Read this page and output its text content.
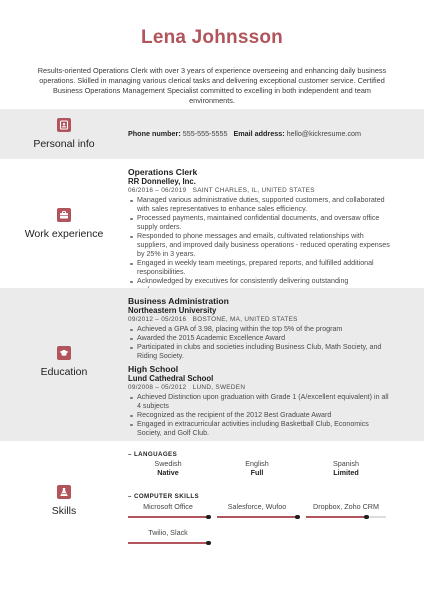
Lena Johnsson
Results-oriented Operations Clerk with over 3 years of experience overseeing and enhancing daily business operations. Skilled in managing various clerical tasks and delivering exceptional customer service. Certified Business Operations Management Specialist committed to excelling in both independent and team environments.
Personal info
Phone number: 555-555-5555 Email address: hello@kickresume.com
Work experience
Operations Clerk
RR Donnelley, Inc.
06/2016 – 06/2019 SAINT CHARLES, IL, UNITED STATES
Managed various administrative duties, supported customers, and collaborated with sales representatives to enhance sales efficiency.
Processed payments, maintained confidential documents, and oversaw office supply orders.
Responded to phone messages and emails, cultivated relationships with suppliers, and improved daily business operations - reduced operating expenses by 25% in 3 years.
Engaged in weekly team meetings, prepared reports, and fulfilled additional responsibilities.
Acknowledged by executives for consistently delivering outstanding
Education
Business Administration
Northeastern University
09/2012 – 05/2016 BOSTONE, MA, UNITED STATES
Achieved a GPA of 3.98, placing within the top 5% of the program
Awarded the 2015 Academic Excellence Award
Participated in clubs and societies including Business Club, Math Society, and Riding Society.
High School
Lund Cathedral School
09/2008 – 05/2012 LUND, SWEDEN
Achieved Distinction upon graduation with Grade 1 (A/excellent equivalent) in all 4 subjects
Recognized as the recipient of the 2012 Best Graduate Award
Engaged in extracurricular activities including Basketball Club, Economics Society, and Golf Club.
Skills
– LANGUAGES
Swedish
Native
English
Full
Spanish
Limited
– COMPUTER SKILLS
Microsoft Office	Salesforce, Wufoo	Dropbox, Zoho CRM
Twilio, Slack
